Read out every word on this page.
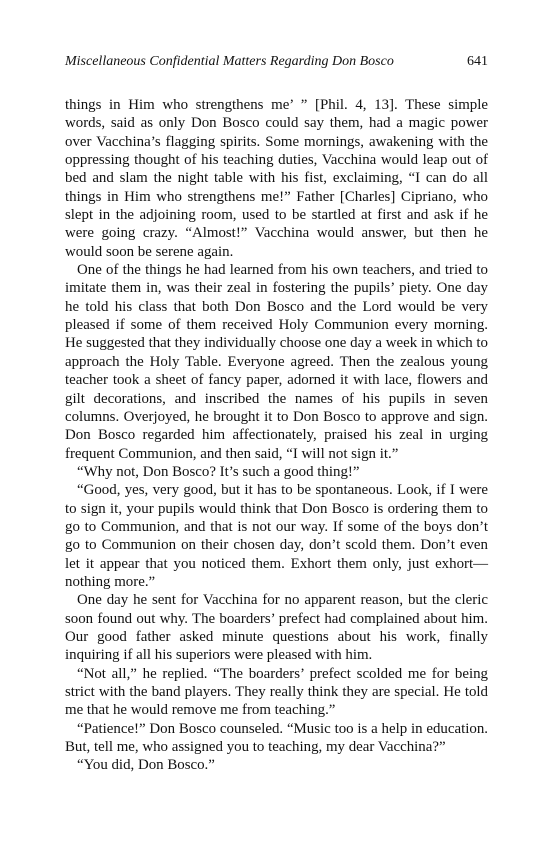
Miscellaneous Confidential Matters Regarding Don Bosco	641

things in Him who strengthens me’ ” [Phil. 4, 13]. These simple words, said as only Don Bosco could say them, had a magic power over Vacchina’s flagging spirits. Some mornings, awakening with the oppressing thought of his teaching duties, Vacchina would leap out of bed and slam the night table with his fist, exclaiming, “I can do all things in Him who strengthens me!” Father [Charles] Cipriano, who slept in the adjoining room, used to be startled at first and ask if he were going crazy. “Almost!” Vacchina would answer, but then he would soon be serene again.

One of the things he had learned from his own teachers, and tried to imitate them in, was their zeal in fostering the pupils’ piety. One day he told his class that both Don Bosco and the Lord would be very pleased if some of them received Holy Communion every morning. He suggested that they individually choose one day a week in which to approach the Holy Table. Everyone agreed. Then the zealous young teacher took a sheet of fancy paper, adorned it with lace, flowers and gilt decorations, and inscribed the names of his pupils in seven columns. Overjoyed, he brought it to Don Bosco to approve and sign. Don Bosco regarded him affectionately, praised his zeal in urging frequent Communion, and then said, “I will not sign it.”

“Why not, Don Bosco? It’s such a good thing!”

“Good, yes, very good, but it has to be spontaneous. Look, if I were to sign it, your pupils would think that Don Bosco is ordering them to go to Communion, and that is not our way. If some of the boys don’t go to Communion on their chosen day, don’t scold them. Don’t even let it appear that you noticed them. Exhort them only, just exhort—nothing more.”

One day he sent for Vacchina for no apparent reason, but the cleric soon found out why. The boarders’ prefect had complained about him. Our good father asked minute questions about his work, finally inquiring if all his superiors were pleased with him.

“Not all,” he replied. “The boarders’ prefect scolded me for being strict with the band players. They really think they are special. He told me that he would remove me from teaching.”

“Patience!” Don Bosco counseled. “Music too is a help in education. But, tell me, who assigned you to teaching, my dear Vacchina?”

“You did, Don Bosco.”
